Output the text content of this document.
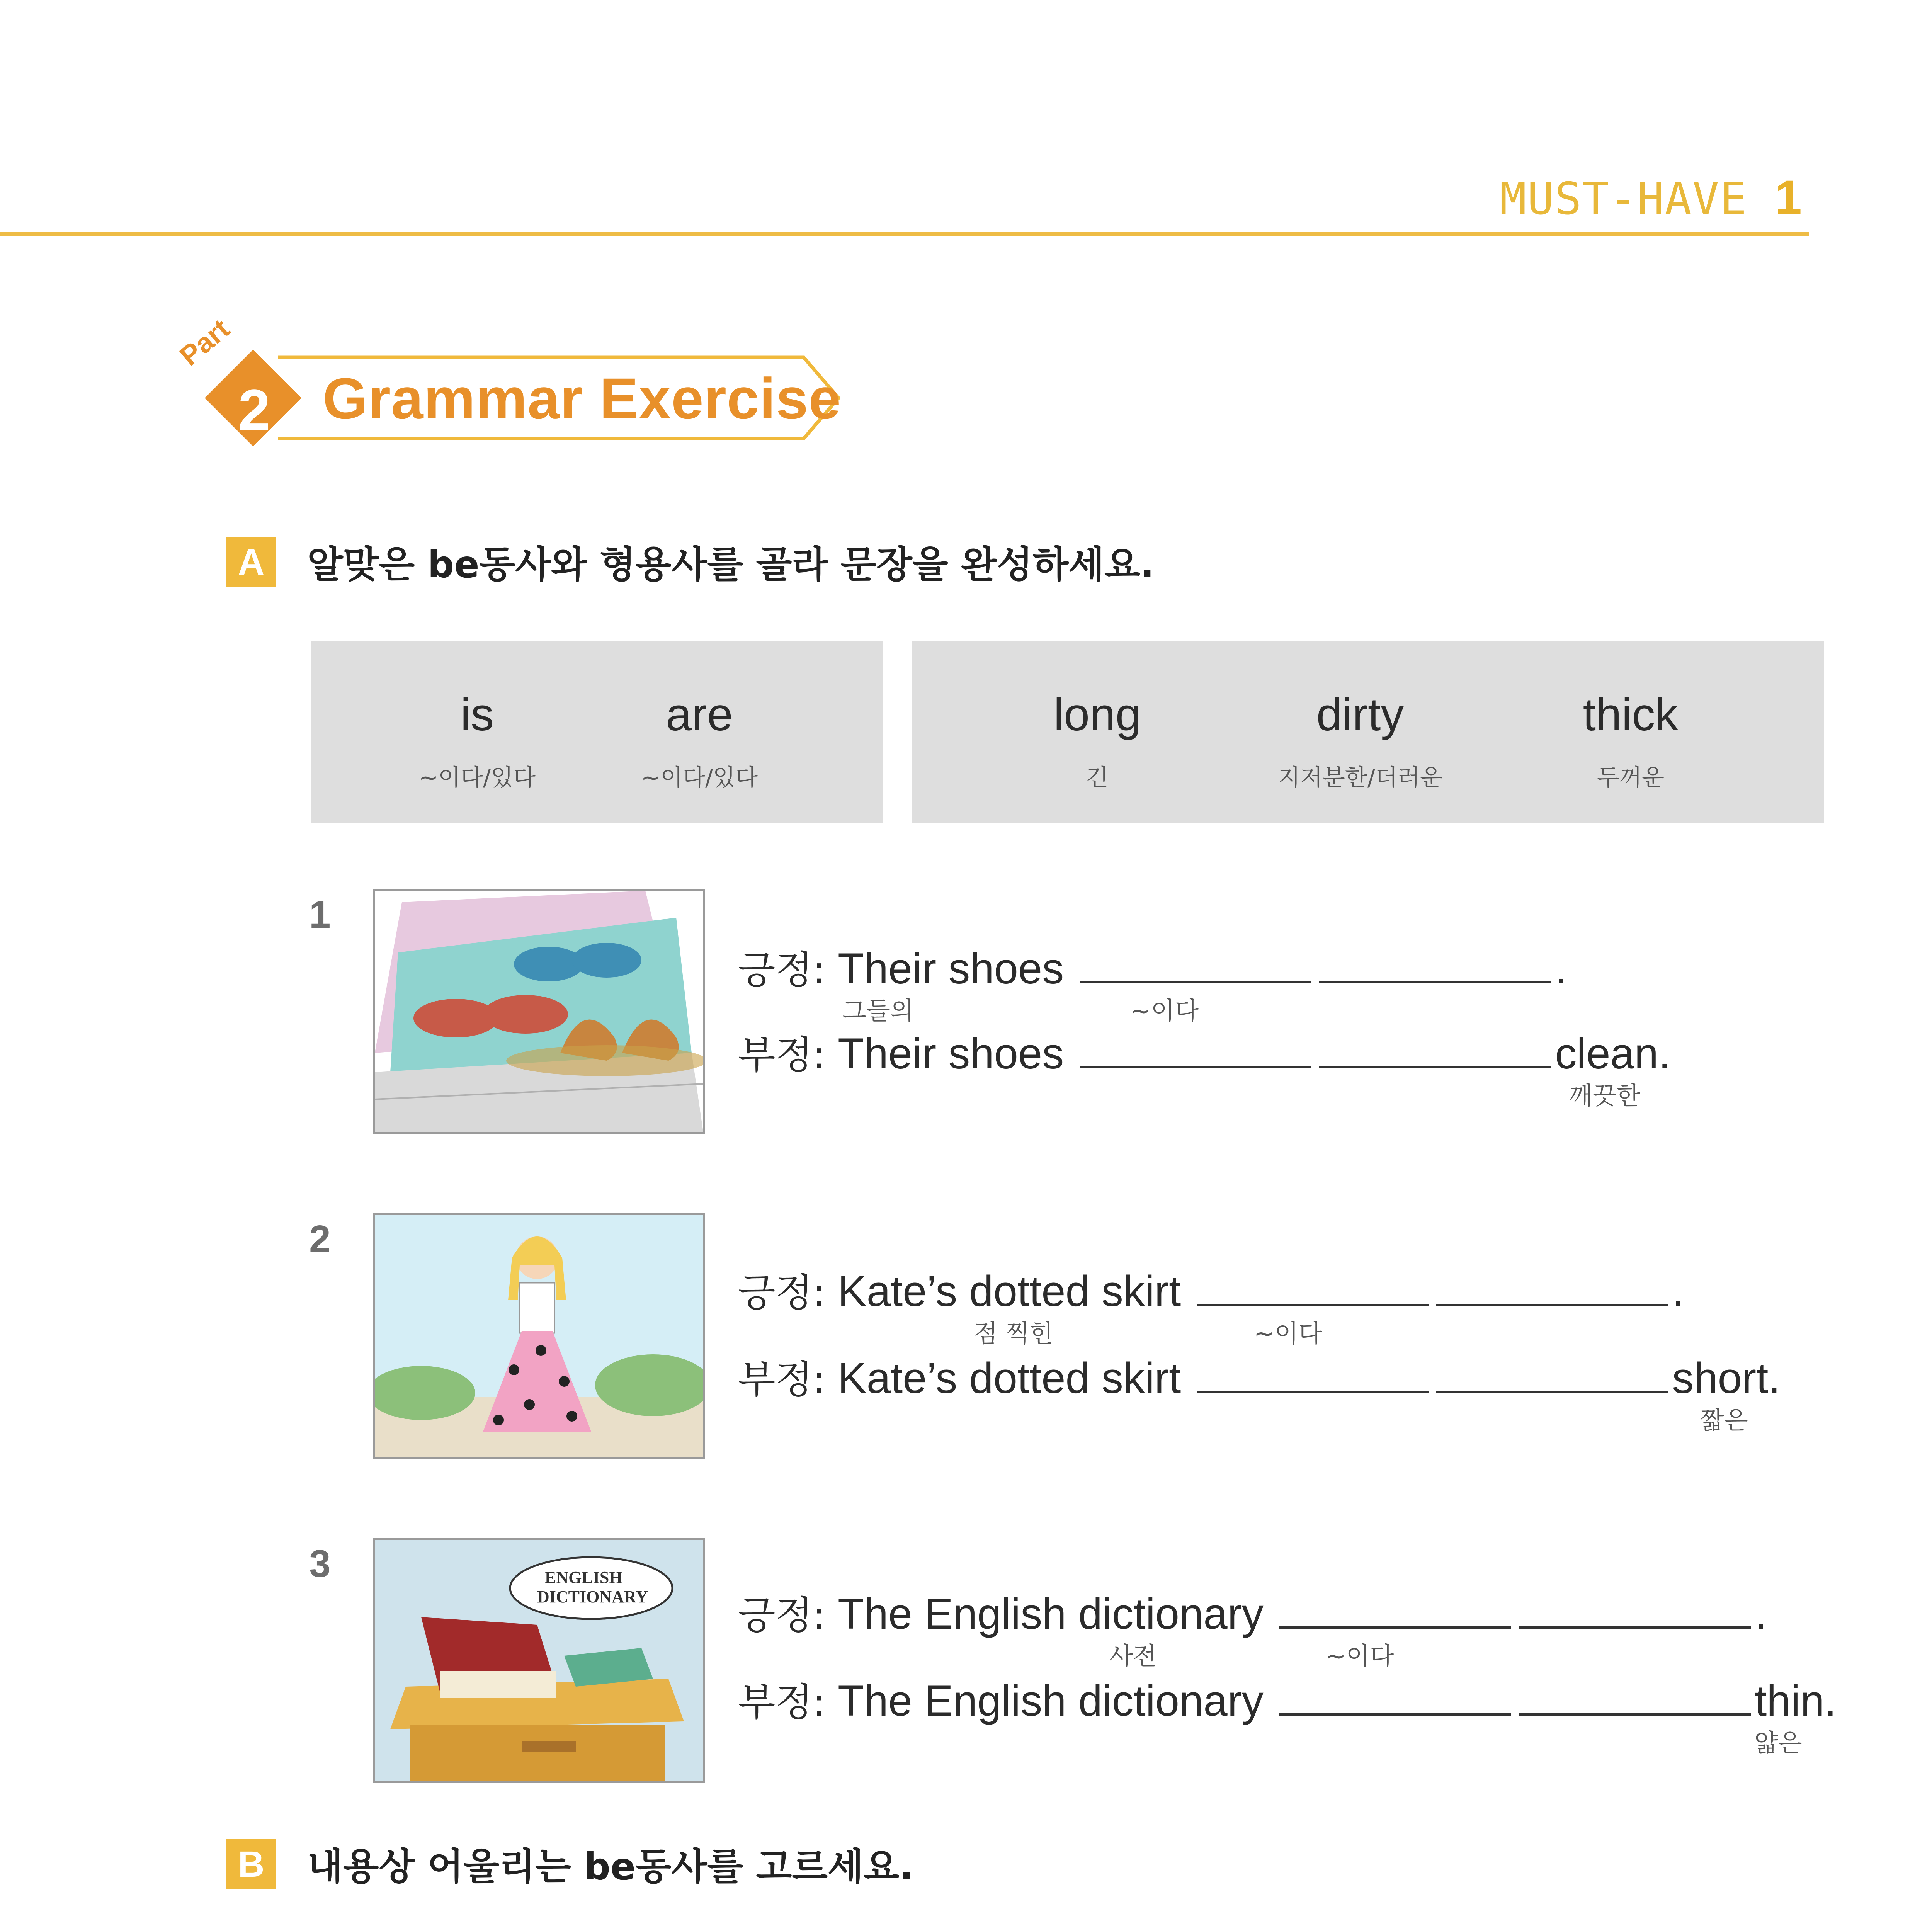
MUST-HAVE 1
Part
2 Grammar Exercise
A	알맞은 be동사와 형용사를 골라 문장을 완성하세요.
is
~이다/있다
are
~이다/있다
long
긴
dirty
지저분한/더러운
thick
두꺼운
1
긍정: Their shoes	.
그들의	~이다
부정: Their shoes	clean.
깨끗한
2
긍정: Kate’s dotted skirt	.
점 찍힌	~이다
부정: Kate’s dotted skirt	short.
짧은
3	ENGLISH
DICTIONARY 긍정: The English dictionary	.
사전	~이다
부정: The English dictionary	thin.
얇은
B	내용상 어울리는 be동사를 고르세요.
